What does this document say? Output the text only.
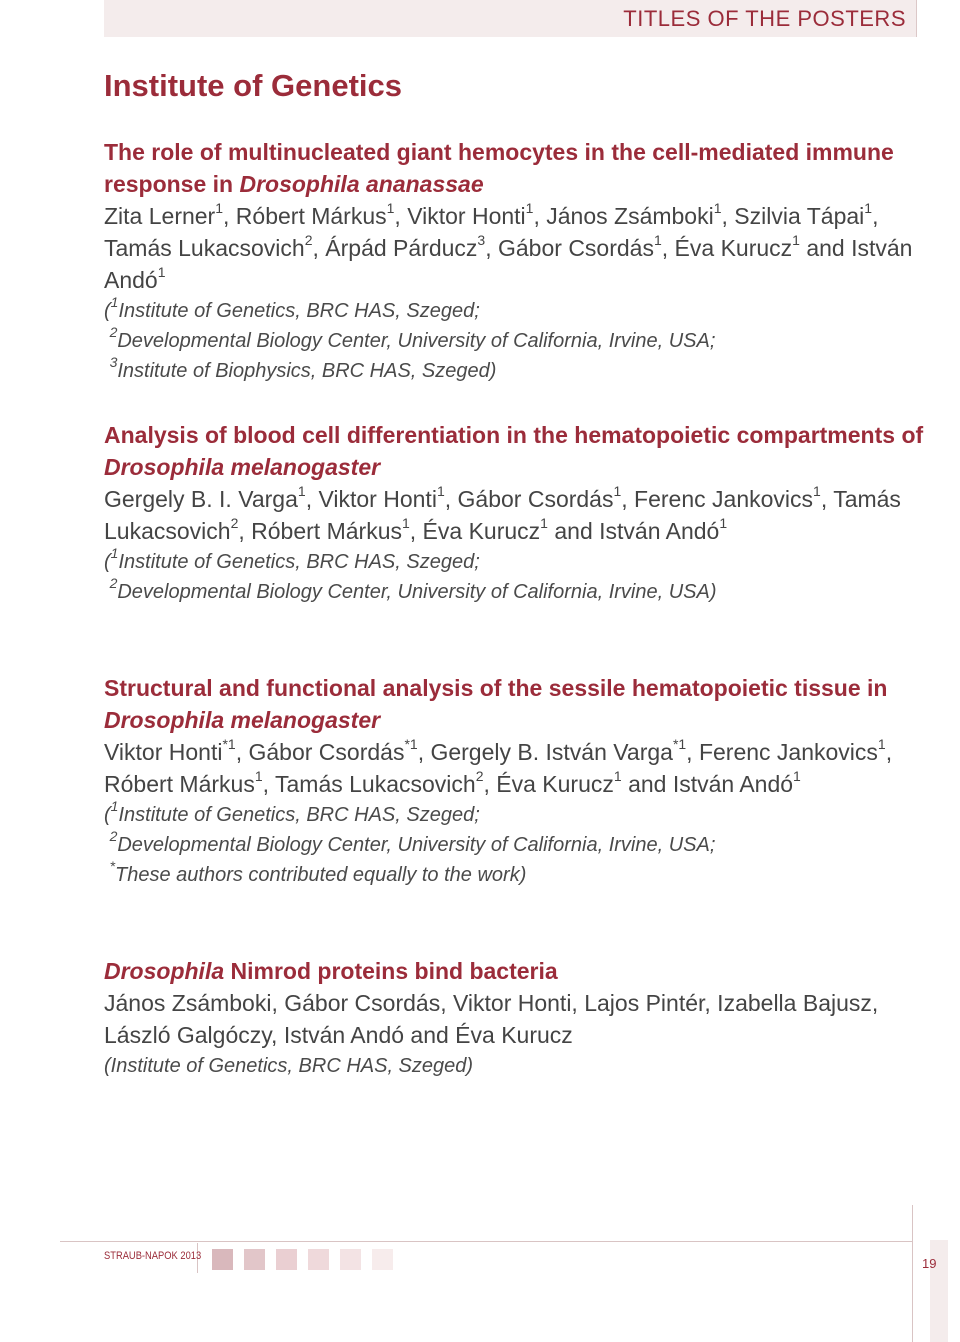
TITLES OF THE POSTERS
Institute of Genetics
The role of multinucleated giant hemocytes in the cell-mediated immune response in Drosophila ananassae
Zita Lerner$^1$, Róbert Márkus$^1$, Viktor Honti$^1$, János Zsámboki$^1$, Szilvia Tápai$^1$, Tamás Lukacsovich$^2$, Árpád Párducz$^3$, Gábor Csordás$^1$, Éva Kurucz$^1$ and István Andó$^1$
($^1$Institute of Genetics, BRC HAS, Szeged;
$^2$Developmental Biology Center, University of California, Irvine, USA;
$^3$Institute of Biophysics, BRC HAS, Szeged)
Analysis of blood cell differentiation in the hematopoietic compartments of Drosophila melanogaster
Gergely B. I. Varga$^1$, Viktor Honti$^1$, Gábor Csordás$^1$, Ferenc Jankovics$^1$, Tamás Lukacsovich$^2$, Róbert Márkus$^1$, Éva Kurucz$^1$ and István Andó$^1$
($^1$Institute of Genetics, BRC HAS, Szeged;
$^2$Developmental Biology Center, University of California, Irvine, USA)
Structural and functional analysis of the sessile hematopoietic tissue in Drosophila melanogaster
Viktor Honti$^{*1}$, Gábor Csordás$^{*1}$, Gergely B. István Varga$^{*1}$, Ferenc Jankovics$^1$, Róbert Márkus$^1$, Tamás Lukacsovich$^2$, Éva Kurucz$^1$ and István Andó$^1$
($^1$Institute of Genetics, BRC HAS, Szeged;
$^2$Developmental Biology Center, University of California, Irvine, USA;
*These authors contributed equally to the work)
Drosophila Nimrod proteins bind bacteria
János Zsámboki, Gábor Csordás, Viktor Honti, Lajos Pintér, Izabella Bajusz, László Galgóczy, István Andó and Éva Kurucz
(Institute of Genetics, BRC HAS, Szeged)
STRAUB-NAPOK 2013	19
